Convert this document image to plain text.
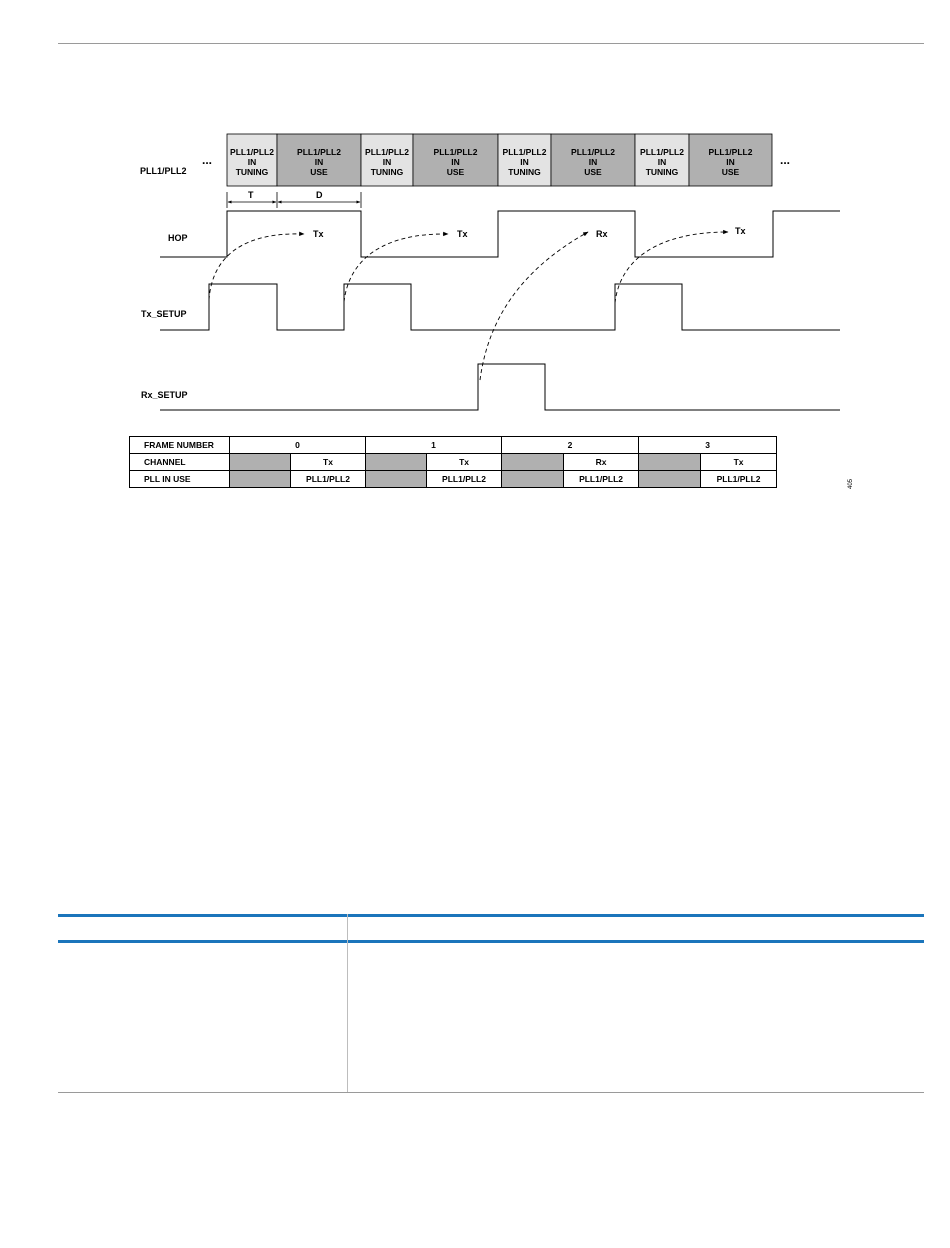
PLL1/PLL2
HOP
Tx_SETUP
Rx_SETUP
...	...
PLL1/PLL2
IN
TUNING
PLL1/PLL2
IN
USE
PLL1/PLL2
IN
TUNING
PLL1/PLL2
IN
USE
PLL1/PLL2
IN
TUNING
PLL1/PLL2
IN
USE
PLL1/PLL2
IN
TUNING
PLL1/PLL2
IN
USE
T	D
Tx	Tx	Rx	Tx
405
FRAME NUMBER	0		1		2		3	
CHANNEL		Tx		Tx		Rx		Tx
PLL IN USE		PLL1/PLL2		PLL1/PLL2		PLL1/PLL2		PLL1/PLL2
